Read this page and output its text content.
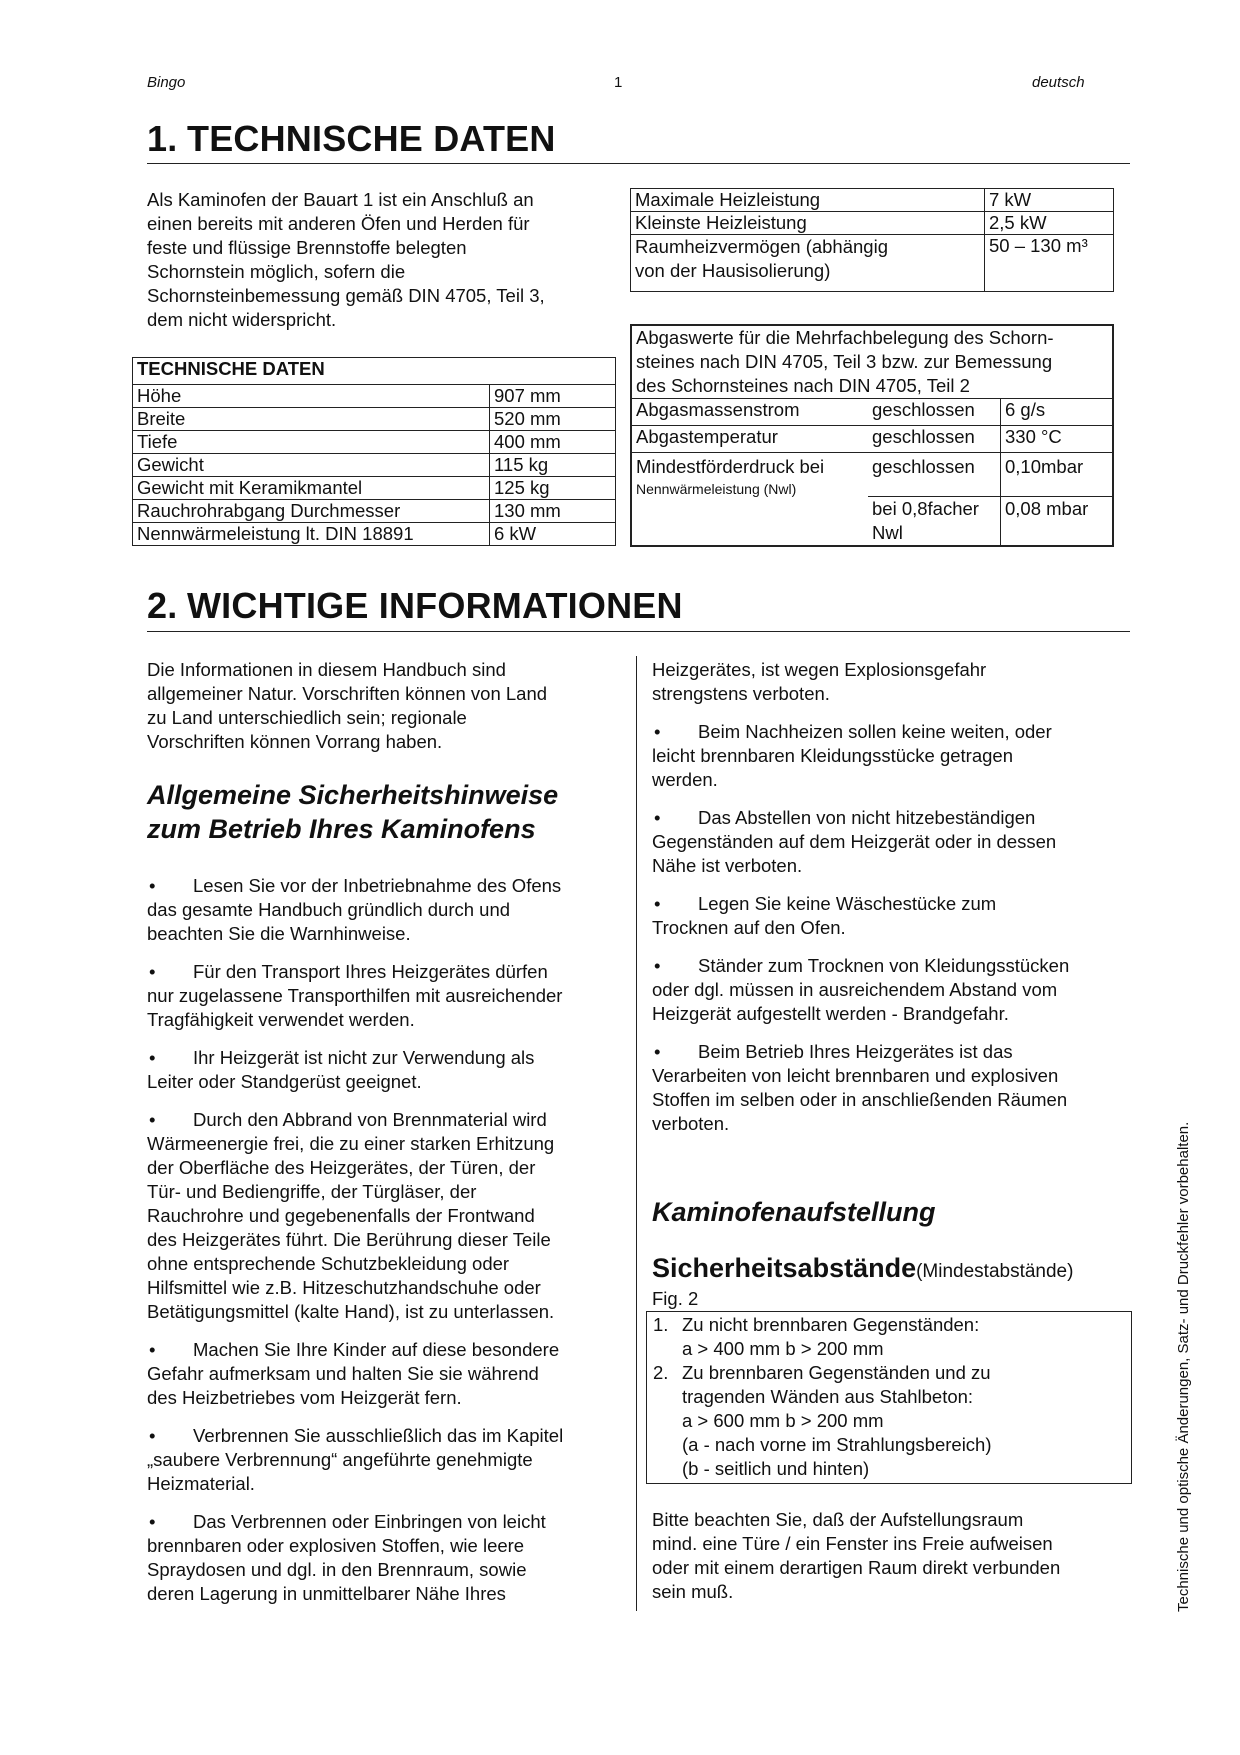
Bingo	1	deutsch
1. TECHNISCHE DATEN
Als Kaminofen der Bauart 1 ist ein Anschluß an
einen bereits mit anderen Öfen und Herden für
feste und flüssige Brennstoffe belegten
Schornstein möglich, sofern die
Schornsteinbemessung gemäß DIN 4705, Teil 3,
dem nicht widerspricht.
TECHNISCHE DATEN	
Höhe	907 mm
Breite	520 mm
Tiefe	400 mm
Gewicht	115 kg
Gewicht mit Keramikmantel	125 kg
Rauchrohrabgang Durchmesser	130 mm
Nennwärmeleistung lt. DIN 18891	6 kW
Maximale Heizleistung	7 kW
Kleinste Heizleistung	2,5 kW

Raumheizvermögen (abhängig
von der Hausisolierung)	50 – 130 m³
Abgaswerte für die Mehrfachbelegung des Schorn-
steines nach DIN 4705, Teil 3 bzw. zur Bemessung
des Schornsteines nach DIN 4705, Teil 2		

Abgasmassenstrom	geschlossen	6 g/s
Abgastemperatur	geschlossen	330 °C

Mindestförderdruck bei
Nennwärmeleistung (Nwl)	geschlossen	0,10mbar

	bei 0,8facher
Nwl	0,08 mbar
2. WICHTIGE INFORMATIONEN
Die Informationen in diesem Handbuch sind
allgemeiner Natur. Vorschriften können von Land
zu Land unterschiedlich sein; regionale
Vorschriften können Vorrang haben.
Allgemeine Sicherheitshinweise
zum Betrieb Ihres Kaminofens
• Lesen Sie vor der Inbetriebnahme des Ofens
das gesamte Handbuch gründlich durch und
beachten Sie die Warnhinweise.
• Für den Transport Ihres Heizgerätes dürfen
nur zugelassene Transporthilfen mit ausreichender
Tragfähigkeit verwendet werden.
• Ihr Heizgerät ist nicht zur Verwendung als
Leiter oder Standgerüst geeignet.
• Durch den Abbrand von Brennmaterial wird
Wärmeenergie frei, die zu einer starken Erhitzung
der Oberfläche des Heizgerätes, der Türen, der
Tür- und Bediengriffe, der Türgläser, der
Rauchrohre und gegebenenfalls der Frontwand
des Heizgerätes führt. Die Berührung dieser Teile
ohne entsprechende Schutzbekleidung oder
Hilfsmittel wie z.B. Hitzeschutzhandschuhe oder
Betätigungsmittel (kalte Hand), ist zu unterlassen.
• Machen Sie Ihre Kinder auf diese besondere
Gefahr aufmerksam und halten Sie sie während
des Heizbetriebes vom Heizgerät fern.
• Verbrennen Sie ausschließlich das im Kapitel
„saubere Verbrennung“ angeführte genehmigte
Heizmaterial.
• Das Verbrennen oder Einbringen von leicht
brennbaren oder explosiven Stoffen, wie leere
Spraydosen und dgl. in den Brennraum, sowie
deren Lagerung in unmittelbarer Nähe Ihres
Heizgerätes, ist wegen Explosionsgefahr
strengstens verboten.
• Beim Nachheizen sollen keine weiten, oder
leicht brennbaren Kleidungsstücke getragen
werden.
• Das Abstellen von nicht hitzebeständigen
Gegenständen auf dem Heizgerät oder in dessen
Nähe ist verboten.
• Legen Sie keine Wäschestücke zum
Trocknen auf den Ofen.
• Ständer zum Trocknen von Kleidungsstücken
oder dgl. müssen in ausreichendem Abstand vom
Heizgerät aufgestellt werden - Brandgefahr.
• Beim Betrieb Ihres Heizgerätes ist das
Verarbeiten von leicht brennbaren und explosiven
Stoffen im selben oder in anschließenden Räumen
verboten.
Kaminofenaufstellung
Sicherheitsabstände(Mindestabstände)
Fig. 2
1. Zu nicht brennbaren Gegenständen:
a > 400 mm b > 200 mm
2. Zu brennbaren Gegenständen und zu
tragenden Wänden aus Stahlbeton:
a > 600 mm b > 200 mm
(a - nach vorne im Strahlungsbereich)
(b - seitlich und hinten)
Bitte beachten Sie, daß der Aufstellungsraum
mind. eine Türe / ein Fenster ins Freie aufweisen
oder mit einem derartigen Raum direkt verbunden
sein muß.	Technische und optische Änderungen, Satz- und Druckfehler vorbehalten.
